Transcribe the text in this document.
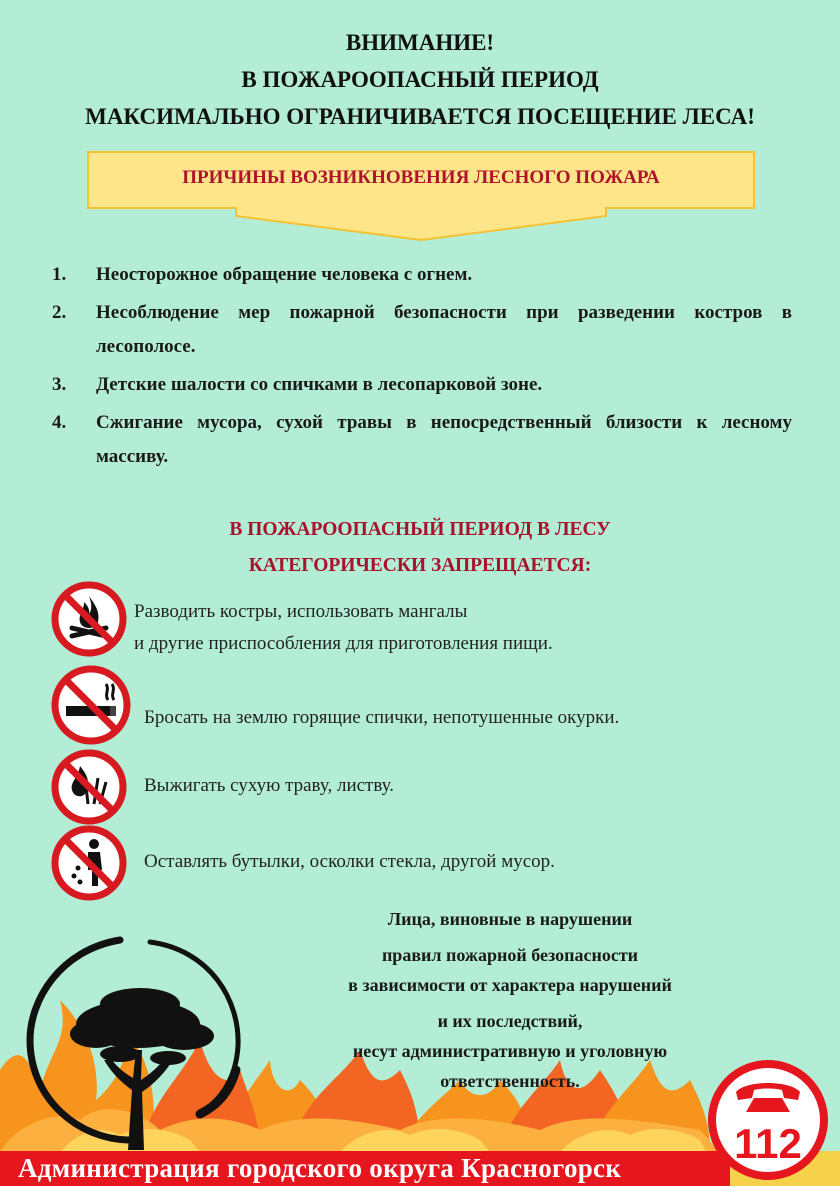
ВНИМАНИЕ!
В ПОЖАРООПАСНЫЙ ПЕРИОД
МАКСИМАЛЬНО ОГРАНИЧИВАЕТСЯ ПОСЕЩЕНИЕ ЛЕСА!
ПРИЧИНЫ ВОЗНИКНОВЕНИЯ ЛЕСНОГО ПОЖАРА
1.	Неосторожное обращение человека с огнем.
2.	Несоблюдение мер пожарной безопасности при разведении костров в лесополосе.
3.	Детские шалости со спичками в лесопарковой зоне.
4.	Сжигание мусора, сухой травы в непосредственный близости к лесному массиву.
В ПОЖАРООПАСНЫЙ ПЕРИОД В ЛЕСУ
КАТЕГОРИЧЕСКИ ЗАПРЕЩАЕТСЯ:
Разводить костры, использовать мангалы
и другие приспособления для приготовления пищи.
Бросать на землю горящие спички, непотушенные окурки.
Выжигать сухую траву, листву.
Оставлять бутылки, осколки стекла, другой мусор.
Лица, виновные в нарушении
правил пожарной безопасности
в зависимости от характера нарушений
и их последствий,
несут административную и уголовную
ответственность.
Администрация городского округа Красногорск
112
